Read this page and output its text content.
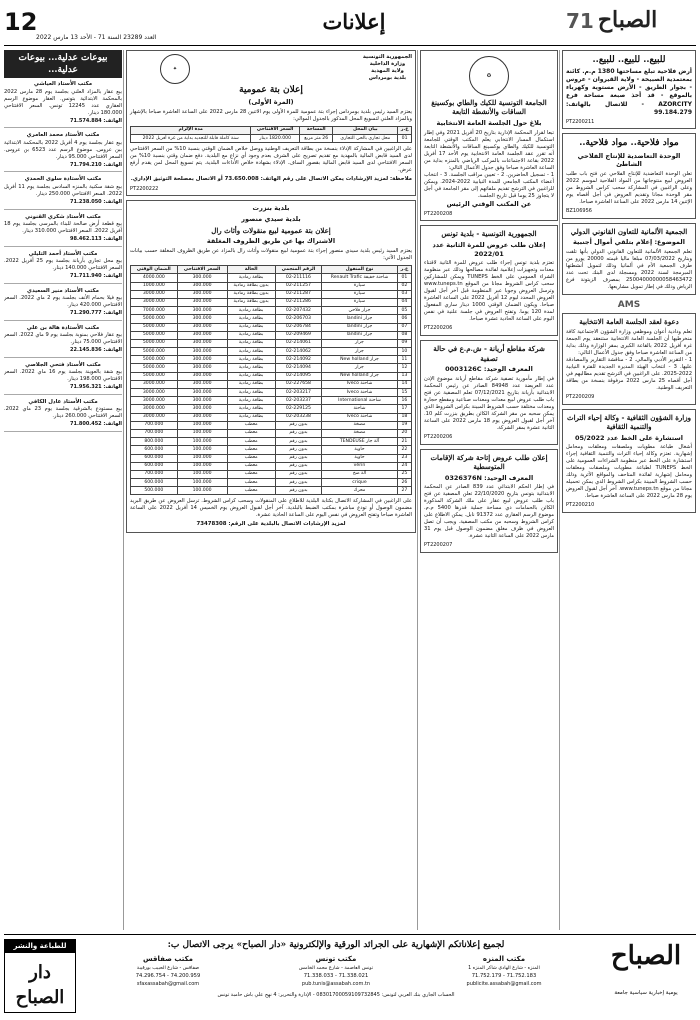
12
العدد 23289 السنة 71 - الأحد 13 مارس 2022
إعلانات	الصباح
71
للبيع.. للبيع.. للبيع..
أرض فلاحية تبلغ مساحتها 1380 م.م. كائنة بمعتمدية الصبيخة - ولاية القيروان - عروس - بجوار الطريق - الأرض مستوية وكهرباء بالموقع - قد أخذ صبغة مساحة فرع AZORCITY - للاتصال بالهاتف: 99.184.279
PT2200211
مواد فلاحية.. مواد فلاحية..
الوحدة التعاضدية للإنتاج الفلاحي الشاطئ
تعلن الوحدة التعاضدية للإنتاج الفلاحي عن فتح باب طلب العروض لبيع منتوجاتها من المواد الفلاحية لموسم 2022 وعلى الراغبين في المشاركة سحب كراس الشروط من مقر الوحدة مجانا وتقديم العروض في أجل أقصاه يوم الإثنين 14 مارس 2022 على الساعة العاشرة صباحا.
BZ106956
الجمعية الألمانية للتعاون القانوني الدولي
الموضوع: إعلام بتلقي أموال أجنبية
تعلم الجمعية الألمانية للتعاون القانوني الدولي بأنها تلقت وبتاريخ 07/03/2022 مبلغا ماليا قيمته 20000 يورو من طرف الجمعية الأم في ألمانيا وذلك لتمويل أنشطتها المبرمجة لسنة 2022 ومسجلة لدى البنك تحت عدد 25004000000058463472 بمصرف الزيتونة فرع الرياض وذلك في إطار تمويل مشاريعها.
AMS
دعوة لعقد الجلسة العامة الانتخابية
تعلم ودادية أعوان وموظفي وزارة الشؤون الاجتماعية كافة منخرطيها أن الجلسة العامة الانتخابية ستنعقد يوم الجمعة غرة أفريل 2022 بالقاعة الكبرى بمقر الوزارة وذلك بداية من الساعة العاشرة صباحا وفق جدول الأعمال التالي:
1 - التقرير الأدبي والمالي. 2 - مناقشة التقارير والمصادقة عليها. 3 - انتخاب الهيئة المديرة الجديدة للفترة النيابية 2022-2025. على الراغبين في الترشح تقديم مطالبهم في أجل أقصاه 25 مارس 2022 مرفوقة بنسخة من بطاقة التعريف الوطنية.
PT2200209
وزارة الشؤون الثقافية - وكالة إحياء التراث والتنمية الثقافية
استشارة على الخط عدد 05/2022
أشغال طباعة مطويات وملصقات ومعلقات ومحامل إشهارية. تعتزم وكالة إحياء التراث والتنمية الثقافية إجراء استشارة على الخط عبر منظومة الشراءات العمومية على الخط TUNEPS لطباعة مطويات وملصقات ومعلقات ومحامل إشهارية لفائدة المتاحف والمواقع الأثرية وذلك حسب الشروط المبينة بكراس الشروط الذي يمكن تحميله مجانا من موقع www.tuneps.tn. آخر أجل لقبول العروض يوم 28 مارس 2022 على الساعة العاشرة صباحا.
PT2200210
✪
الجامعة التونسية للكيك والطاي بوكسينغ الساقات والأنشطة التابعة
بلاغ حول الجلسة العامة الانتخابية
تبعا لقرار المحكمة الإدارية بتاريخ 20 أفريل 2021 وفي إطار استكمال المسار الانتخابي يعلم المكتب الوقتي للجامعة التونسية للكيك والطاي بوكسينغ الساقات والأنشطة التابعة أنه تقرر عقد الجلسة العامة الانتخابية يوم الأحد 17 أفريل 2022 بقاعة الاجتماعات بالمركب الرياضي بالمنزه بداية من الساعة العاشرة صباحا وفق جدول الأعمال التالي:
1 - تسجيل الحاضرين. 2 - تعيين مراقب الجلسة. 3 - انتخاب أعضاء المكتب الجامعي للمدة النيابية 2022-2024. ويمكن للراغبين في الترشح تقديم ملفاتهم إلى مقر الجامعة في أجل لا يتجاوز 25 يوما قبل تاريخ الجلسة.
عن المكتب الوقتي الرئيس
PT2200208
الجمهورية التونسية - بلدية تونس
إعلان طلب عروض للمرة الثانية عدد 2022/01
تعتزم بلدية تونس إجراء طلب عروض للمرة الثانية لاقتناء معدات وتجهيزات إعلامية لفائدة مصالحها وذلك عبر منظومة الشراء العمومي على الخط TUNEPS ويمكن للمشاركين سحب كراس الشروط مجانا من الموقع www.tuneps.tn وترسل العروض وجوبا عبر المنظومة قبل آخر أجل لقبول العروض المحدد ليوم 12 أفريل 2022 على الساعة العاشرة صباحا. ويكون الضمان الوقتي 1000 دينار ساري المفعول لمدة 120 يوما. وتفتح العروض في جلسة علنية في نفس اليوم على الساعة الحادية عشرة صباحا.
PT2200206
شركة مقاطع أريانة - ش.م.ع في حالة تصفية
المعرف الوحيد: 0003126C
في إطار مأمورية تصفية شركة مقاطع أريانة موضوع الإذن عدد العريضة عدد 84948 الصادر عن رئيس المحكمة الابتدائية بأريانة بتاريخ 07/12/2021 تعلم المصفية عن فتح باب طلب عروض لبيع معدات ومعدات صناعية ومقطع حجارة ومعدات مختلفة حسب الشروط المبينة بكراس الشروط الذي يمكن سحبه من مقر الشركة الكائن بطريق بنزرت كلم 10. آخر أجل لقبول العروض يوم 18 مارس 2022 على الساعة الثانية عشرة بمقر الشركة.
PT2200206
إعلان طلب عروض إتاحة شركة الإقامات المتوسطية
المعرف الوحيد: 0326376N
في إطار الحكم الابتدائي عدد 839 الصادر عن المحكمة الابتدائية بتونس بتاريخ 22/10/2020 تعلن المصفية عن فتح باب طلب عروض لبيع عقار على ملك الشركة المذكورة الكائن بالحمامات ذي مساحة جملية قدرها 5400 م.م. موضوع الرسم العقاري عدد 91372 نابل. يمكن الاطلاع على كراس الشروط وسحبه من مكتب المصفية. ويجب أن تصل العروض في ظرف مغلق مضمون الوصول قبل يوم 31 مارس 2022 على الساعة الثانية عشرة.
PT2200207
الجمهورية التونسية
وزارة الداخلية
ولاية المهدية
بلدية بومرداس
✦
إعلان بتة عمومية
(المرة الأولى)
يعتزم السيد رئيس بلدية بومرداس إجراء بتة عمومية للمرة الأولى يوم الاثنين 28 مارس 2022 على الساعة العاشرة صباحا بالإشهار وبالمزاد العلني لتسويغ المحل المذكور بالجدول الموالي:
ع.ر	بيان المحل	المساحة	السعر الافتتاحي	مدة الإلزام
01	محل تجاري بالحي التجاري	26 متر مربع	1820.000 دينار	سنة كاملة قابلة للتجديد بداية من غرة أفريل 2022
على الراغبين في المشاركة الإدلاء بنسخة من بطاقة التعريف الوطنية ووصل خلاص الضمان الوقتي بنسبة 10% من السعر الافتتاحي لدى السيد قابض المالية بالمهدية مع تقديم تصريح على الشرف بعدم وجود أي نزاع مع البلدية. دفع ضمان وقتي بنسبة 10% من السعر الافتتاحي لدى السيد قابض المالية بقصور الساف. الإدلاء بشهادة خلاص الأداءات البلدية. يتم تسويغ المحل لمن يقدم أرفع عرض.
ملاحظة: لمزيد الإرشادات يمكن الاتصال على رقم الهاتف: 73.650.008 أو الاتصال بمصلحة التوثيق الإداري.
PT2200222
بلدية بنزرت
بلدية سيدي منصور
إعلان بتة عمومية لبيع منقولات وأثاث رال
الاشتراك بها عن طريق الظروف المغلقة
يعتزم السيد رئيس بلدية سيدي منصور إجراء بتة عمومية لبيع منقولات وأثاث رال بالمزاد عن طريق الظروف المغلقة حسب بيانات الجدول الآتي:
ع.ر	نوع المنقول	الرقم المنجمي	الحالة	السعر الافتتاحي	الضمان الوقتي
01	شاحنة خفيفة Renault Trafic	02-211116	بطاقة رمادية	300.000	4000.000
02	سيارة	02-211257	بدون بطاقة رمادية	300.000	1000.000
03	سيارة	02-211287	بدون بطاقة رمادية	300.000	3000.000
04	سيارة	02-211286	بدون بطاقة رمادية	300.000	3000.000
05	جرار فلاحي	02-207432	بطاقة رمادية	300.000	7000.000
06	جرار landini	02-206703	بطاقة رمادية	300.000	5000.000
07	جرار landini	02-206784	بطاقة رمادية	300.000	5000.000
08	جرار landini	02-209469	بطاقة رمادية	300.000	5000.000
09	جرار	02-214061	بطاقة رمادية	300.000	5000.000
10	جرار	02-214062	بطاقة رمادية	300.000	5000.000
11	جرار New holland	02-214092	بطاقة رمادية	300.000	5000.000
12	جرار	02-214094	بطاقة رمادية	300.000	5000.000
13	جرار New holland	02-214095	بطاقة رمادية	300.000	5000.000
14	شاحنة Iveco	02-227658	بطاقة رمادية	300.000	3000.000
15	شاحنة Iveco	02-203217	بطاقة رمادية	300.000	3000.000
16	شاحنة International	02-203237	بطاقة رمادية	300.000	3000.000
17	شاحنة	02-229125	بطاقة رمادية	300.000	3000.000
18	شاحنة Iveco	02-203238	بطاقة رمادية	300.000	3000.000
19	مضخة	بدون رقم	معطب	100.000	700.000
20	مضخة	بدون رقم	معطب	100.000	700.000
21	آلة جار TENDEUSE	بدون رقم	معطب	100.000	800.000
22	حاوية	بدون رقم	معطب	100.000	600.000
23	حاوية	بدون رقم	معطب	100.000	600.000
24	vérin	بدون رقم	معطب	100.000	600.000
25	آلة ضخ	بدون رقم	معطب	100.000	700.000
26	crique	بدون رقم	معطب	100.000	600.000
27	محرك	بدون رقم	معطب	100.000	500.000
على الراغبين في المشاركة الاتصال بكتابة البلدية للاطلاع على المنقولات وسحب كراس الشروط. ترسل العروض عن طريق البريد مضمون الوصول أو تودع مباشرة بمكتب الضبط بالبلدية. آخر أجل لقبول العروض يوم الخميس 14 أفريل 2022 على الساعة العاشرة صباحا وتفتح العروض في نفس اليوم على الساعة الحادية عشرة.
لمزيد الإرشادات الاتصال بالبلدية على الرقم: 73478308
بيوعات عدلية... بيوعات عدلية...
مكتب الأستاذ العياشي
بيع عقار بالمزاد العلني بجلسة يوم 28 مارس 2022 بالمحكمة الابتدائية بتونس. العقار موضوع الرسم العقاري عدد 12245 تونس. السعر الافتتاحي 180.000 دينار.
الهاتف: 71.574.884
مكتب الأستاذ محمد العامري
بيع عقار بجلسة يوم 4 أفريل 2022 بالمحكمة الابتدائية ببن عروس. موضوع الرسم عدد 6523 بن عروس. السعر الافتتاحي 95.000 دينار.
الهاتف: 71.794.210
مكتب الأستاذة سلوى الحمدي
بيع شقة سكنية بالمنزه السادس بجلسة يوم 11 أفريل 2022. السعر الافتتاحي 250.000 دينار.
الهاتف: 71.238.050
مكتب الأستاذ شكري القنوني
بيع قطعة أرض صالحة للبناء بالمرسى بجلسة يوم 18 أفريل 2022. السعر الافتتاحي 310.000 دينار.
الهاتف: 98.462.113
مكتب الأستاذ أحمد التليلي
بيع محل تجاري بأريانة بجلسة يوم 25 أفريل 2022. السعر الافتتاحي 140.000 دينار.
الهاتف: 71.711.940
مكتب الأستاذ منير السعيدي
بيع فيلا بحمام الأنف بجلسة يوم 2 ماي 2022. السعر الافتتاحي 420.000 دينار.
الهاتف: 71.290.777
مكتب الأستاذة هالة بن علي
بيع عقار فلاحي بمنوبة بجلسة يوم 9 ماي 2022. السعر الافتتاحي 75.000 دينار.
الهاتف: 22.145.836
مكتب الأستاذ فتحي الجلاصي
بيع شقة بالعوينة بجلسة يوم 16 ماي 2022. السعر الافتتاحي 198.000 دينار.
الهاتف: 71.956.321
مكتب الأستاذ عادل الكافي
بيع مستودع بالشرقية بجلسة يوم 23 ماي 2022. السعر الافتتاحي 260.000 دينار.
الهاتف: 71.800.452
الصباح
يومية إخبارية سياسية جامعة
لجميع إعلاناتكم الإشهارية على الجرائد الورقية والإلكترونية «دار الصباح» يرجى الاتصال ب:
مكتب المنزه
المنزه - شارع الهادي شاكر المنزه 1
71.752.179 - 71.752.183
publicite.assabah@gmail.com
مكتب تونس
تونس العاصمة - شارع محمد الخامس
71.338.033 - 71.338.021
pub.tunis@assabah.com.tn
مكتب صفاقس
صفاقس - شارع الحبيب بورقيبة
74.296.754 - 74.200.959
sfaxassabah@gmail.com
الحساب الجاري بنك العربي لتونس: 08301700059109732845 - الإدارة والتحرير: 4 نهج علي باش حامبة تونس
للطباعة والنشر
دار الصباح
